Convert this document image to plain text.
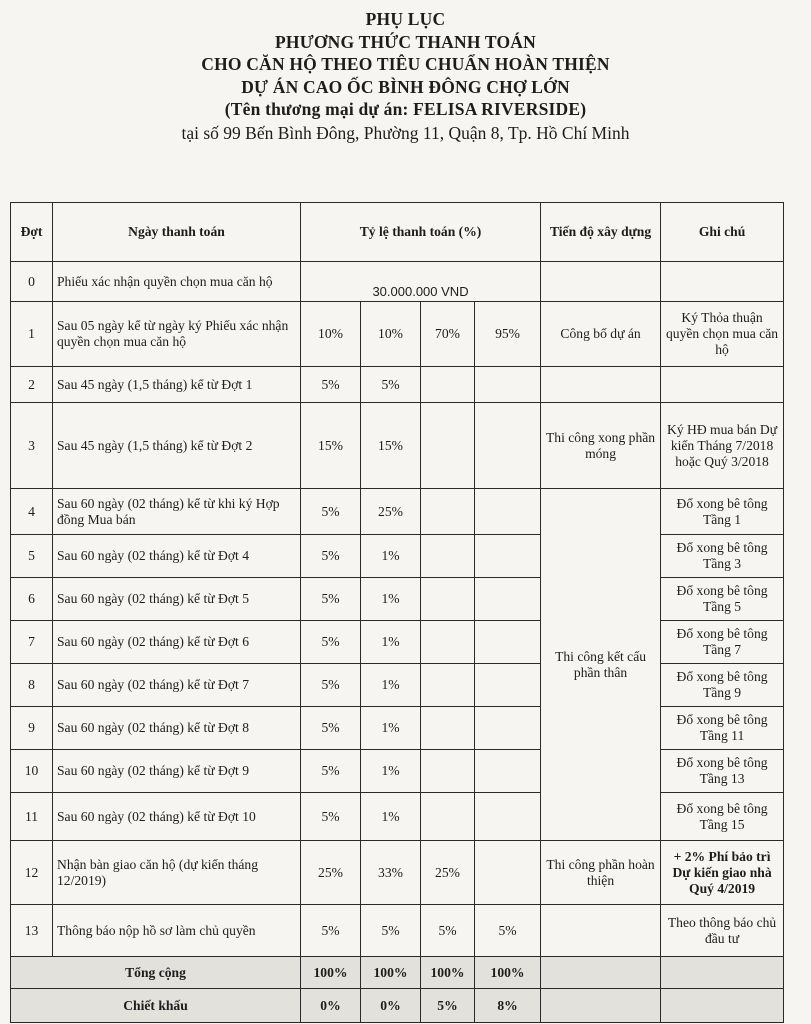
PHỤ LỤC
PHƯƠNG THỨC THANH TOÁN
CHO CĂN HỘ THEO TIÊU CHUẨN HOÀN THIỆN
DỰ ÁN CAO ỐC BÌNH ĐÔNG CHỢ LỚN
(Tên thương mại dự án: FELISA RIVERSIDE)
tại số 99 Bến Bình Đông, Phường 11, Quận 8, Tp. Hồ Chí Minh
Đợt	Ngày thanh toán	Tỷ lệ thanh toán (%)				Tiến độ xây dựng	Ghi chú
0	Phiếu xác nhận quyền chọn mua căn hộ	30.000.000 VND					
1	Sau 05 ngày kể từ ngày ký Phiếu xác nhận quyền chọn mua căn hộ	10%	10%	70%	95%	Công bố dự án	Ký Thỏa thuận quyền chọn mua căn hộ
2	Sau 45 ngày (1,5 tháng) kể từ Đợt 1	5%	5%				
3	Sau 45 ngày (1,5 tháng) kể từ Đợt 2	15%	15%			Thi công xong phần móng	Ký HĐ mua bán Dự kiến Tháng 7/2018 hoặc Quý 3/2018
4	Sau 60 ngày (02 tháng) kể từ khi ký Hợp đồng Mua bán	5%	25%			Thi công kết cấu phần thân	Đổ xong bê tông Tầng 1
5	Sau 60 ngày (02 tháng) kể từ Đợt 4	5%	1%				Đổ xong bê tông Tầng 3
6	Sau 60 ngày (02 tháng) kể từ Đợt 5	5%	1%				Đổ xong bê tông Tầng 5
7	Sau 60 ngày (02 tháng) kể từ Đợt 6	5%	1%				Đổ xong bê tông Tầng 7
8	Sau 60 ngày (02 tháng) kể từ Đợt 7	5%	1%				Đổ xong bê tông Tầng 9
9	Sau 60 ngày (02 tháng) kể từ Đợt 8	5%	1%				Đổ xong bê tông Tầng 11
10	Sau 60 ngày (02 tháng) kể từ Đợt 9	5%	1%				Đổ xong bê tông Tầng 13
11	Sau 60 ngày (02 tháng) kể từ Đợt 10	5%	1%				Đổ xong bê tông Tầng 15
12	Nhận bàn giao căn hộ (dự kiến tháng 12/2019)	25%	33%	25%		Thi công phần hoàn thiện	+ 2% Phí bảo trì Dự kiến giao nhà Quý 4/2019
13	Thông báo nộp hồ sơ làm chủ quyền	5%	5%	5%	5%		Theo thông báo chủ đầu tư
Tổng cộng		100%	100%	100%	100%		
Chiết khấu		0%	0%	5%	8%		
